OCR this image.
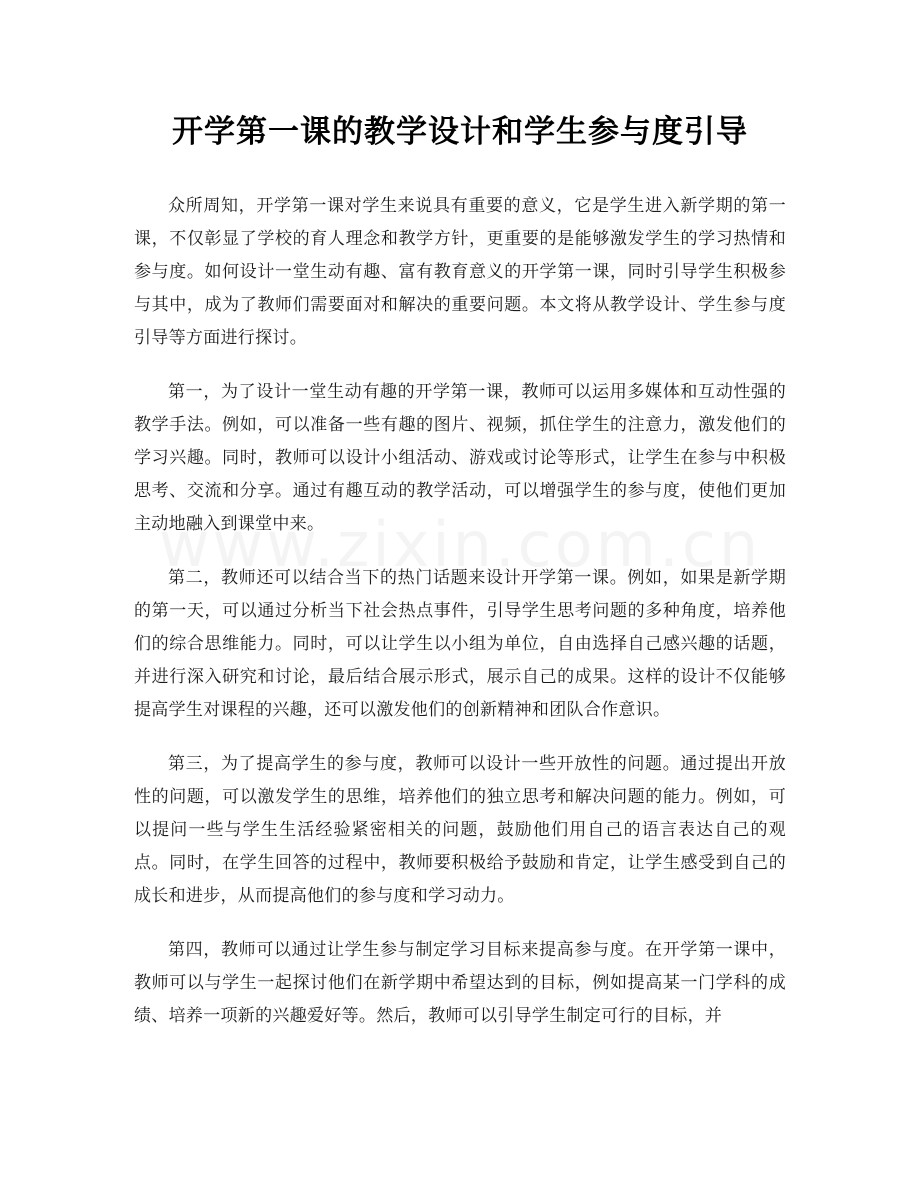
开学第一课的教学设计和学生参与度引导

众所周知，开学第一课对学生来说具有重要的意义，它是学生进入新学期的第一课，不仅彰显了学校的育人理念和教学方针，更重要的是能够激发学生的学习热情和参与度。如何设计一堂生动有趣、富有教育意义的开学第一课，同时引导学生积极参与其中，成为了教师们需要面对和解决的重要问题。本文将从教学设计、学生参与度引导等方面进行探讨。

第一，为了设计一堂生动有趣的开学第一课，教师可以运用多媒体和互动性强的教学手法。例如，可以准备一些有趣的图片、视频，抓住学生的注意力，激发他们的学习兴趣。同时，教师可以设计小组活动、游戏或讨论等形式，让学生在参与中积极思考、交流和分享。通过有趣互动的教学活动，可以增强学生的参与度，使他们更加主动地融入到课堂中来。

第二，教师还可以结合当下的热门话题来设计开学第一课。例如，如果是新学期的第一天，可以通过分析当下社会热点事件，引导学生思考问题的多种角度，培养他们的综合思维能力。同时，可以让学生以小组为单位，自由选择自己感兴趣的话题，并进行深入研究和讨论，最后结合展示形式，展示自己的成果。这样的设计不仅能够提高学生对课程的兴趣，还可以激发他们的创新精神和团队合作意识。

第三，为了提高学生的参与度，教师可以设计一些开放性的问题。通过提出开放性的问题，可以激发学生的思维，培养他们的独立思考和解决问题的能力。例如，可以提问一些与学生生活经验紧密相关的问题，鼓励他们用自己的语言表达自己的观点。同时，在学生回答的过程中，教师要积极给予鼓励和肯定，让学生感受到自己的成长和进步，从而提高他们的参与度和学习动力。

第四，教师可以通过让学生参与制定学习目标来提高参与度。在开学第一课中，教师可以与学生一起探讨他们在新学期中希望达到的目标，例如提高某一门学科的成绩、培养一项新的兴趣爱好等。然后，教师可以引导学生制定可行的目标，并
